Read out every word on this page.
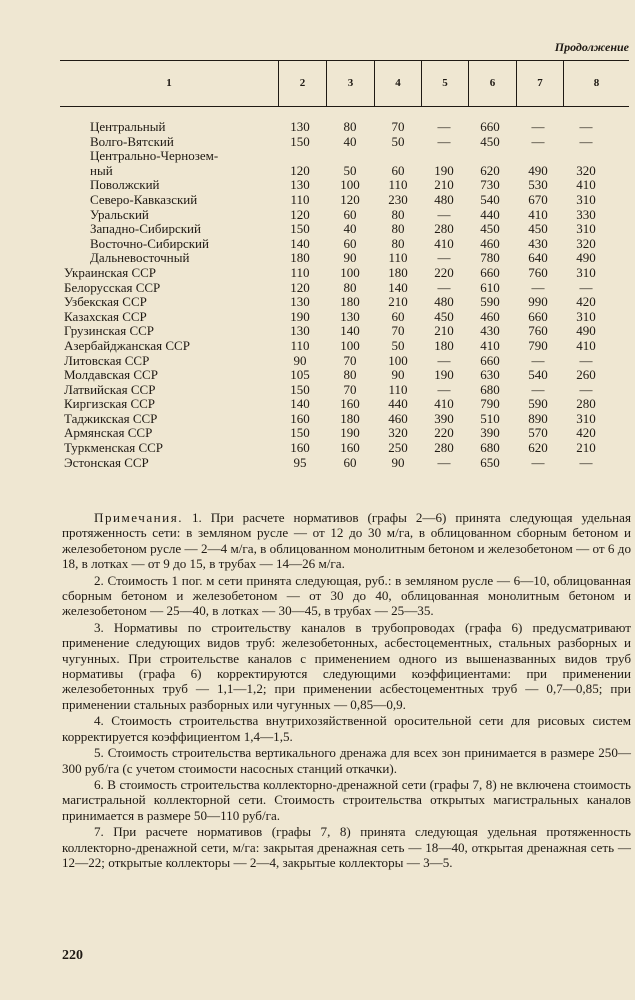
Продолжение
1	2	3	4	5	6	7	8
Центральный	130	80	70	—	660	—	—
Волго-Вятский	150	40	50	—	450	—	—
Центрально-Чернозем-
ный	120	50	60	190	620	490	320
Поволжский	130	100	110	210	730	530	410
Северо-Кавказский	110	120	230	480	540	670	310
Уральский	120	60	80	—	440	410	330
Западно-Сибирский	150	40	80	280	450	450	310
Восточно-Сибирский	140	60	80	410	460	430	320
Дальневосточный	180	90	110	—	780	640	490
Украинская ССР	110	100	180	220	660	760	310
Белорусская ССР	120	80	140	—	610	—	—
Узбекская ССР	130	180	210	480	590	990	420
Казахская ССР	190	130	60	450	460	660	310
Грузинская ССР	130	140	70	210	430	760	490
Азербайджанская ССР	110	100	50	180	410	790	410
Литовская ССР	90	70	100	—	660	—	—
Молдавская ССР	105	80	90	190	630	540	260
Латвийская ССР	150	70	110	—	680	—	—
Киргизская ССР	140	160	440	410	790	590	280
Таджикская ССР	160	180	460	390	510	890	310
Армянская ССР	150	190	320	220	390	570	420
Туркменская ССР	160	160	250	280	680	620	210
Эстонская ССР	95	60	90	—	650	—	—

Примечания. 1. При расчете нормативов (графы 2—6) принята следующая удельная протяженность сети: в земляном русле — от 12 до 30 м/га, в облицованном сборным бетоном и железобетоном русле — 2—4 м/га, в облицованном монолитным бетоном и железобетоном — от 6 до 18, в лотках — от 9 до 15, в трубах — 14—26 м/га.

2. Стоимость 1 пог. м сети принята следующая, руб.: в земляном русле — 6—10, облицованная сборным бетоном и железобетоном — от 30 до 40, облицованная монолитным бетоном и железобетоном — 25—40, в лотках — 30—45, в трубах — 25—35.

3. Нормативы по строительству каналов в трубопроводах (графа 6) предусматривают применение следующих видов труб: железобетонных, асбестоцементных, стальных разборных и чугунных. При строительстве каналов с применением одного из вышеназванных видов труб нормативы (графа 6) корректируются следующими коэффициентами: при применении железобетонных труб — 1,1—1,2; при применении асбестоцементных труб — 0,7—0,85; при применении стальных разборных или чугунных — 0,85—0,9.

4. Стоимость строительства внутрихозяйственной оросительной сети для рисовых систем корректируется коэффициентом 1,4—1,5.

5. Стоимость строительства вертикального дренажа для всех зон принимается в размере 250—300 руб/га (с учетом стоимости насосных станций откачки).

6. В стоимость строительства коллекторно-дренажной сети (графы 7, 8) не включена стоимость магистральной коллекторной сети. Стоимость строительства открытых магистральных каналов принимается в размере 50—110 руб/га.

7. При расчете нормативов (графы 7, 8) принята следующая удельная протяженность коллекторно-дренажной сети, м/га: закрытая дренажная сеть — 18—40, открытая дренажная сеть — 12—22; открытые коллекторы — 2—4, закрытые коллекторы — 3—5.

220
